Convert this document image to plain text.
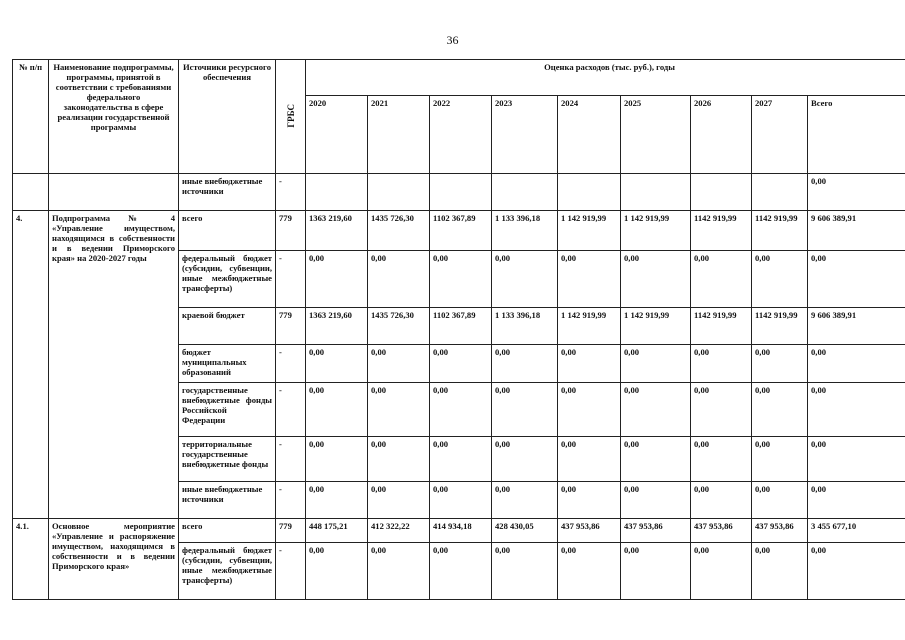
36
№ п/п	Наименование подпрограммы, программы, принятой в соответствии с требованиями федерального законодательства в сфере реализации государственной программы	Источники ресурсного обеспечения	ГРБС	Оценка расходов (тыс. руб.), годы								
				2020	2021	2022	2023	2024	2025	2026	2027	Всего
		иные внебюджетные источники	-									0,00
4.	Подпрограмма № 4 «Управление имуществом, находящимся в собственности и в ведении Приморского края» на 2020-2027 годы	всего	779	1363 219,60	1435 726,30	1102 367,89	1 133 396,18	1 142 919,99	1 142 919,99	1142 919,99	1142 919,99	9 606 389,91
		федеральный бюджет (субсидии, субвенции, иные межбюджетные трансферты)	-	0,00	0,00	0,00	0,00	0,00	0,00	0,00	0,00	0,00
		краевой бюджет	779	1363 219,60	1435 726,30	1102 367,89	1 133 396,18	1 142 919,99	1 142 919,99	1142 919,99	1142 919,99	9 606 389,91
		бюджет муниципальных образований	-	0,00	0,00	0,00	0,00	0,00	0,00	0,00	0,00	0,00
		государственные внебюджетные фонды Российской Федерации	-	0,00	0,00	0,00	0,00	0,00	0,00	0,00	0,00	0,00
		территориальные государственные внебюджетные фонды	-	0,00	0,00	0,00	0,00	0,00	0,00	0,00	0,00	0,00
		иные внебюджетные источники	-	0,00	0,00	0,00	0,00	0,00	0,00	0,00	0,00	0,00
4.1.	Основное мероприятие «Управление и распоряжение имуществом, находящимся в собственности и в ведении Приморского края»	всего	779	448 175,21	412 322,22	414 934,18	428 430,05	437 953,86	437 953,86	437 953,86	437 953,86	3 455 677,10
		федеральный бюджет (субсидии, субвенции, иные межбюджетные трансферты)	-	0,00	0,00	0,00	0,00	0,00	0,00	0,00	0,00	0,00
